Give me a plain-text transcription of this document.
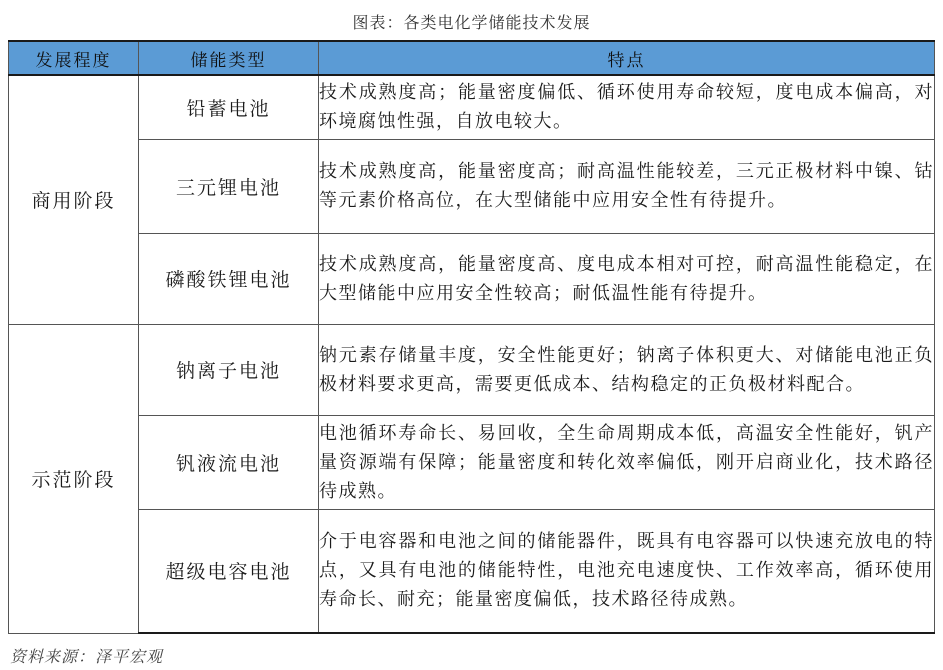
图表：各类电化学储能技术发展
发展程度	储能类型	特点
商用阶段	铅蓄电池	技术成熟度高；能量密度偏低、循环使用寿命较短，度电成本偏高，对环境腐蚀性强，自放电较大。
	三元锂电池	技术成熟度高，能量密度高；耐高温性能较差，三元正极材料中镍、钴等元素价格高位，在大型储能中应用安全性有待提升。
	磷酸铁锂电池	技术成熟度高，能量密度高、度电成本相对可控，耐高温性能稳定，在大型储能中应用安全性较高；耐低温性能有待提升。
示范阶段	钠离子电池	钠元素存储量丰度，安全性能更好；钠离子体积更大、对储能电池正负极材料要求更高，需要更低成本、结构稳定的正负极材料配合。
	钒液流电池	电池循环寿命长、易回收，全生命周期成本低，高温安全性能好，钒产量资源端有保障；能量密度和转化效率偏低，刚开启商业化，技术路径待成熟。
	超级电容电池	介于电容器和电池之间的储能器件，既具有电容器可以快速充放电的特点，又具有电池的储能特性，电池充电速度快、工作效率高，循环使用寿命长、耐充；能量密度偏低，技术路径待成熟。
资料来源：泽平宏观
